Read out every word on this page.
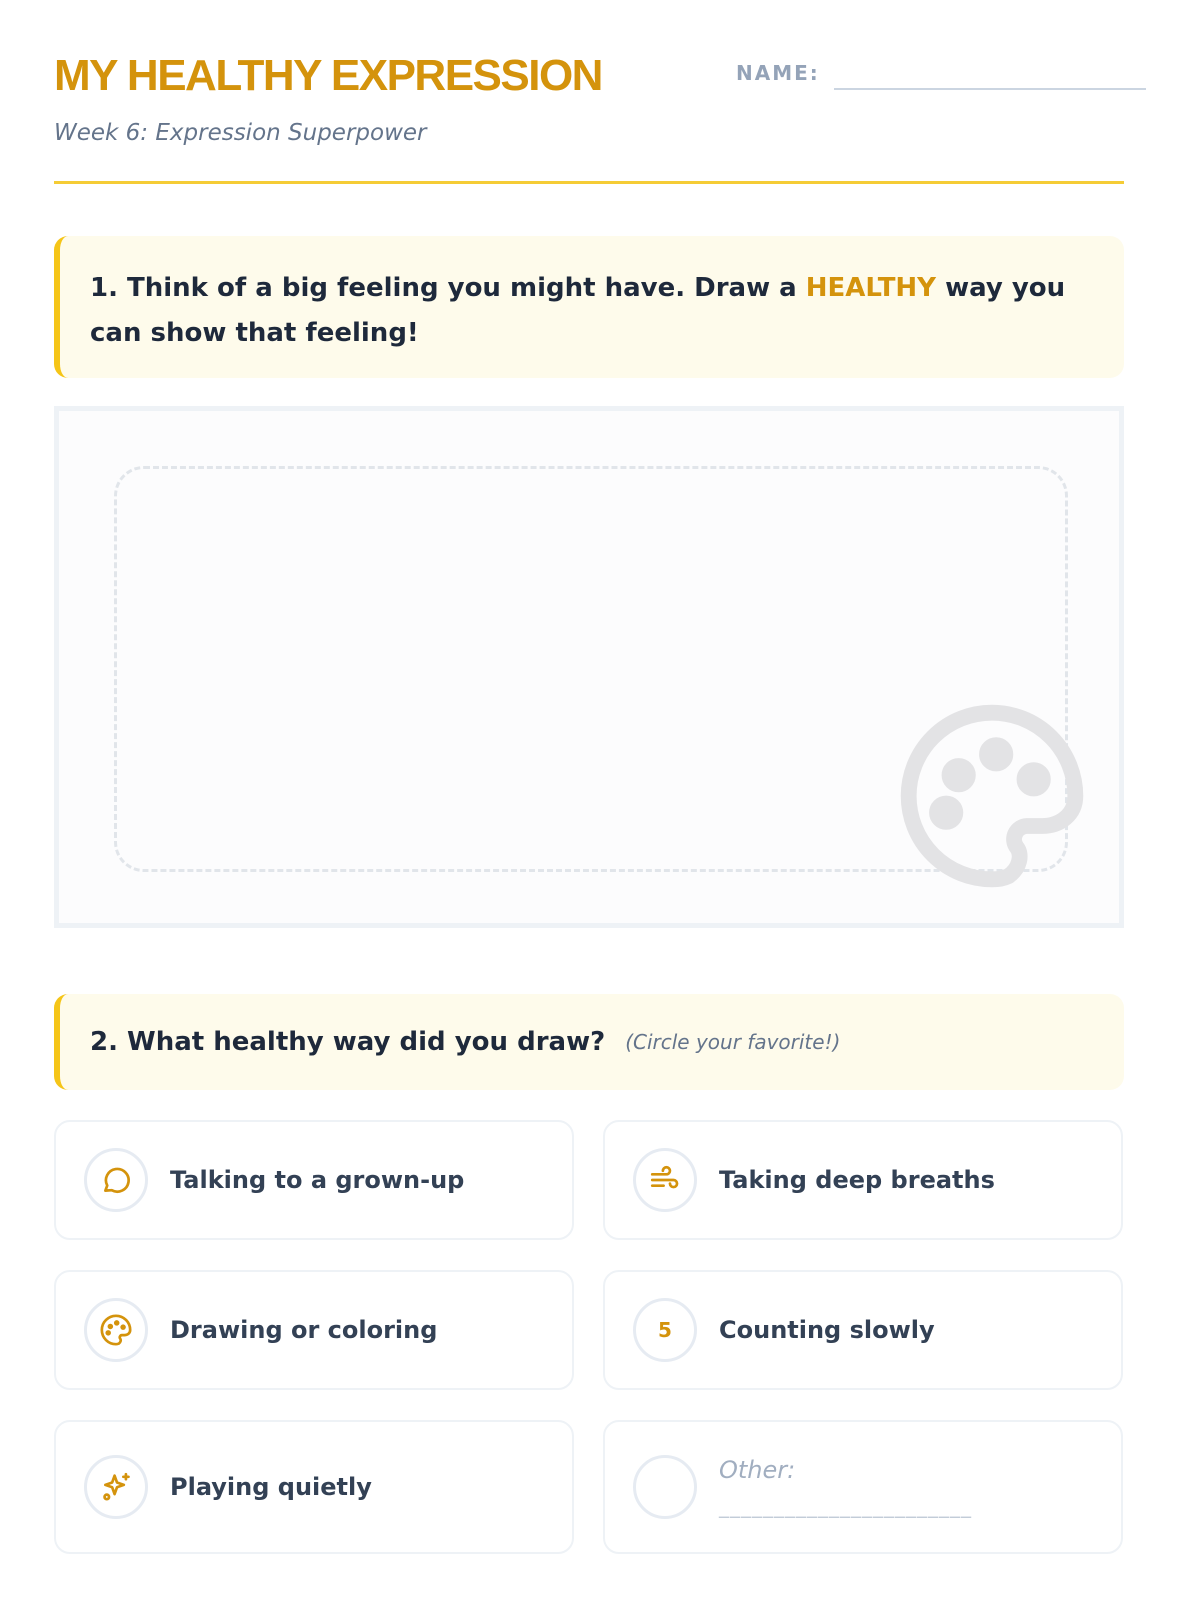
MY HEALTHY EXPRESSION	NAME:
Week 6: Expression Superpower
1. Think of a big feeling you might have. Draw a HEALTHY way you can show that feeling!
2. What healthy way did you draw? (Circle your favorite!)
Talking to a grown-up	Taking deep breaths
Drawing or coloring	5 Counting slowly
Playing quietly
Other:
_______________________
